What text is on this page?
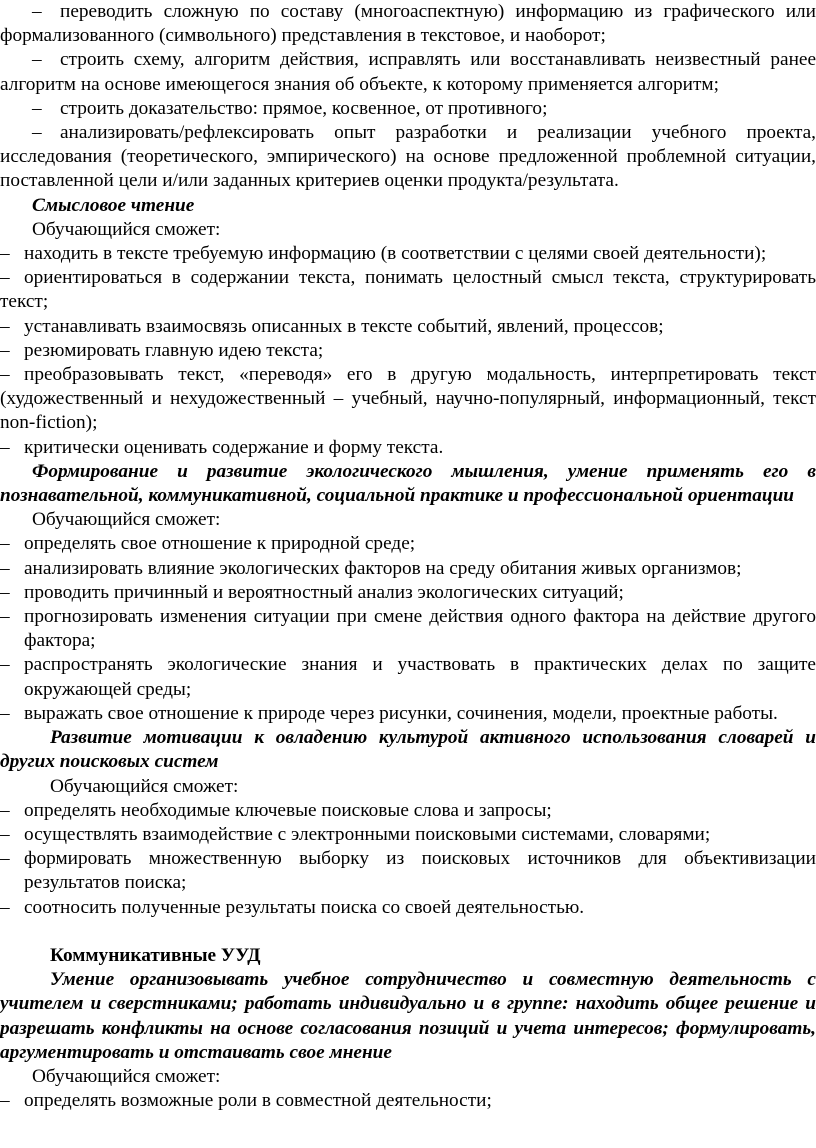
– переводить сложную по составу (многоаспектную) информацию из графического или формализованного (символьного) представления в текстовое, и наоборот;

– строить схему, алгоритм действия, исправлять или восстанавливать неизвестный ранее алгоритм на основе имеющегося знания об объекте, к которому применяется алгоритм;

– строить доказательство: прямое, косвенное, от противного;

– анализировать/рефлексировать опыт разработки и реализации учебного проекта, исследования (теоретического, эмпирического) на основе предложенной проблемной ситуации, поставленной цели и/или заданных критериев оценки продукта/результата.

Смысловое чтение

Обучающийся сможет:

– находить в тексте требуемую информацию (в соответствии с целями своей деятельности);

– ориентироваться в содержании текста, понимать целостный смысл текста, структурировать текст;

– устанавливать взаимосвязь описанных в тексте событий, явлений, процессов;

– резюмировать главную идею текста;

– преобразовывать текст, «переводя» его в другую модальность, интерпретировать текст (художественный и нехудожественный – учебный, научно-популярный, информационный, текст non-fiction);

– критически оценивать содержание и форму текста.

Формирование и развитие экологического мышления, умение применять его в познавательной, коммуникативной, социальной практике и профессиональной ориентации

Обучающийся сможет:

– определять свое отношение к природной среде;

– анализировать влияние экологических факторов на среду обитания живых организмов;

– проводить причинный и вероятностный анализ экологических ситуаций;

– прогнозировать изменения ситуации при смене действия одного фактора на действие другого фактора;

– распространять экологические знания и участвовать в практических делах по защите окружающей среды;

– выражать свое отношение к природе через рисунки, сочинения, модели, проектные работы.

Развитие мотивации к овладению культурой активного использования словарей и других поисковых систем

Обучающийся сможет:

– определять необходимые ключевые поисковые слова и запросы;

– осуществлять взаимодействие с электронными поисковыми системами, словарями;

– формировать множественную выборку из поисковых источников для объективизации результатов поиска;

– соотносить полученные результаты поиска со своей деятельностью.

Коммуникативные УУД

Умение организовывать учебное сотрудничество и совместную деятельность с учителем и сверстниками; работать индивидуально и в группе: находить общее решение и разрешать конфликты на основе согласования позиций и учета интересов; формулировать, аргументировать и отстаивать свое мнение

Обучающийся сможет:

– определять возможные роли в совместной деятельности;
